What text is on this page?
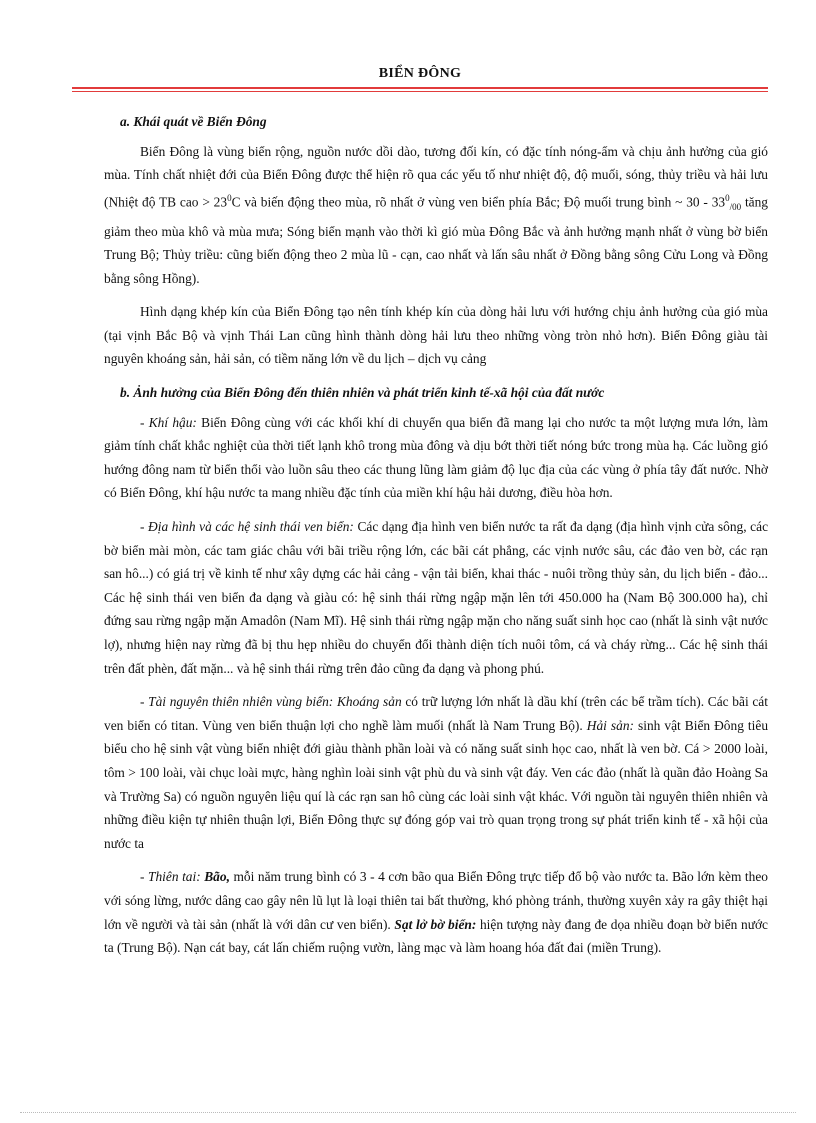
BIỂN ĐÔNG

a. Khái quát về Biển Đông

Biển Đông là vùng biển rộng, nguồn nước dồi dào, tương đối kín, có đặc tính nóng-ẩm và chịu ảnh hưởng của gió mùa. Tính chất nhiệt đới của Biển Đông được thể hiện rõ qua các yếu tố như nhiệt độ, độ muối, sóng, thủy triều và hải lưu (Nhiệt độ TB cao > $23^0C$ và biến động theo mùa, rõ nhất ở vùng ven biển phía Bắc; Độ muối trung bình ~ $30 - 33^0_{/00}$ tăng giảm theo mùa khô và mùa mưa; Sóng biển mạnh vào thời kì gió mùa Đông Bắc và ảnh hưởng mạnh nhất ở vùng bờ biển Trung Bộ; Thủy triều: cũng biến động theo 2 mùa lũ - cạn, cao nhất và lấn sâu nhất ở Đồng bằng sông Cửu Long và Đồng bằng sông Hồng).

Hình dạng khép kín của Biển Đông tạo nên tính khép kín của dòng hải lưu với hướng chịu ảnh hưởng của gió mùa (tại vịnh Bắc Bộ và vịnh Thái Lan cũng hình thành dòng hải lưu theo những vòng tròn nhỏ hơn). Biển Đông giàu tài nguyên khoáng sản, hải sản, có tiềm năng lớn về du lịch – dịch vụ cảng

b. Ảnh hưởng của Biển Đông đến thiên nhiên và phát triển kinh tế-xã hội của đất nước

- Khí hậu: Biển Đông cùng với các khối khí di chuyển qua biển đã mang lại cho nước ta một lượng mưa lớn, làm giảm tính chất khắc nghiệt của thời tiết lạnh khô trong mùa đông và dịu bớt thời tiết nóng bức trong mùa hạ. Các luồng gió hướng đông nam từ biển thổi vào luồn sâu theo các thung lũng làm giảm độ lục địa của các vùng ở phía tây đất nước. Nhờ có Biển Đông, khí hậu nước ta mang nhiều đặc tính của miền khí hậu hải dương, điều hòa hơn.

- Địa hình và các hệ sinh thái ven biển: Các dạng địa hình ven biển nước ta rất đa dạng (địa hình vịnh cửa sông, các bờ biển mài mòn, các tam giác châu với bãi triều rộng lớn, các bãi cát phẳng, các vịnh nước sâu, các đảo ven bờ, các rạn san hô...) có giá trị về kinh tế như xây dựng các hải cảng - vận tải biển, khai thác - nuôi trồng thủy sản, du lịch biển - đảo... Các hệ sinh thái ven biển đa dạng và giàu có: hệ sinh thái rừng ngập mặn lên tới 450.000 ha (Nam Bộ 300.000 ha), chỉ đứng sau rừng ngập mặn Amadôn (Nam Mĩ). Hệ sinh thái rừng ngập mặn cho năng suất sinh học cao (nhất là sinh vật nước lợ), nhưng hiện nay rừng đã bị thu hẹp nhiều do chuyển đổi thành diện tích nuôi tôm, cá và cháy rừng... Các hệ sinh thái trên đất phèn, đất mặn... và hệ sinh thái rừng trên đảo cũng đa dạng và phong phú.

- Tài nguyên thiên nhiên vùng biển: Khoáng sản có trữ lượng lớn nhất là dầu khí (trên các bể trầm tích). Các bãi cát ven biển có titan. Vùng ven biển thuận lợi cho nghề làm muối (nhất là Nam Trung Bộ). Hải sản: sinh vật Biển Đông tiêu biểu cho hệ sinh vật vùng biển nhiệt đới giàu thành phần loài và có năng suất sinh học cao, nhất là ven bờ. Cá > 2000 loài, tôm > 100 loài, vài chục loài mực, hàng nghìn loài sinh vật phù du và sinh vật đáy. Ven các đảo (nhất là quần đảo Hoàng Sa và Trường Sa) có nguồn nguyên liệu quí là các rạn san hô cùng các loài sinh vật khác. Với nguồn tài nguyên thiên nhiên và những điều kiện tự nhiên thuận lợi, Biển Đông thực sự đóng góp vai trò quan trọng trong sự phát triển kinh tế - xã hội của nước ta

- Thiên tai: Bão, mỗi năm trung bình có 3 - 4 cơn bão qua Biển Đông trực tiếp đổ bộ vào nước ta. Bão lớn kèm theo với sóng lừng, nước dâng cao gây nên lũ lụt là loại thiên tai bất thường, khó phòng tránh, thường xuyên xảy ra gây thiệt hại lớn về người và tài sản (nhất là với dân cư ven biển). Sạt lở bờ biển: hiện tượng này đang đe dọa nhiều đoạn bờ biển nước ta (Trung Bộ). Nạn cát bay, cát lấn chiếm ruộng vườn, làng mạc và làm hoang hóa đất đai (miền Trung).
